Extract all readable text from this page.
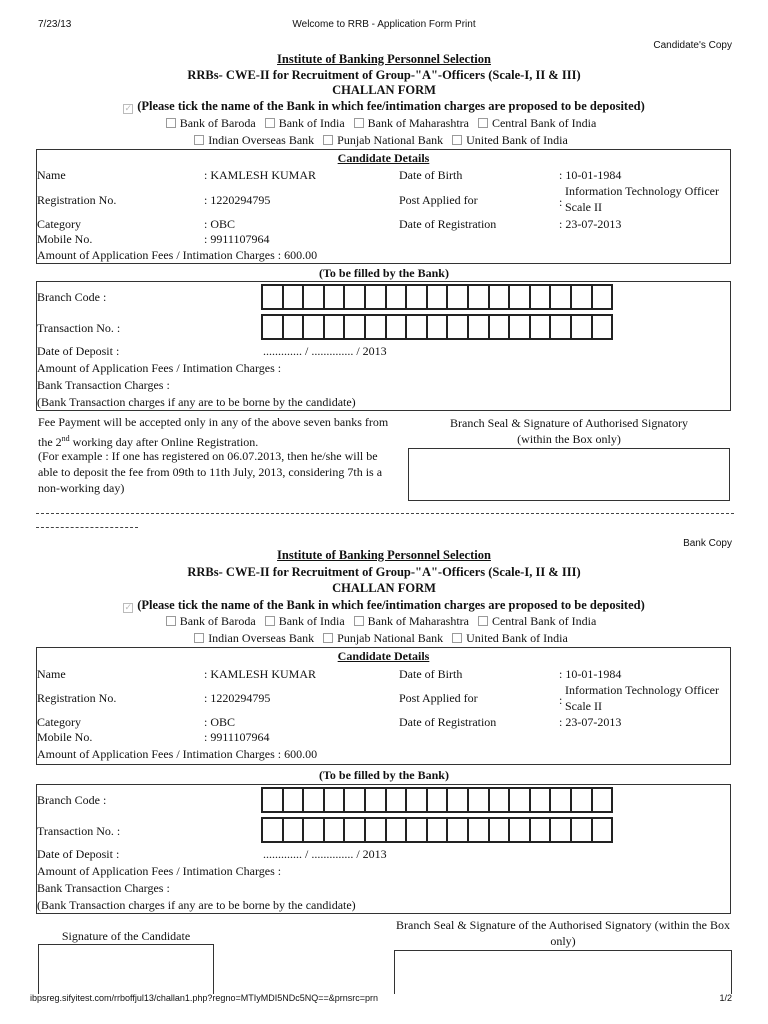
7/23/13	Welcome to RRB - Application Form Print
Candidate's Copy
Institute of Banking Personnel Selection
RRBs- CWE-II for Recruitment of Group-"A"-Officers (Scale-I, II & III)
CHALLAN FORM
✓ (Please tick the name of the Bank in which fee/intimation charges are proposed to be deposited)
Bank of Baroda Bank of India Bank of Maharashtra Central Bank of India
Indian Overseas Bank Punjab National Bank United Bank of India
Candidate Details
Name	: KAMLESH KUMAR	Date of Birth	: 10-01-1984
Registration No.	: 1220294795	Post Applied for	:
Information Technology Officer
Scale II
Category	: OBC	Date of Registration	: 23-07-2013
Mobile No.	: 9911107964
Amount of Application Fees / Intimation Charges : 600.00
(To be filled by the Bank)
Branch Code :
Transaction No. :
Date of Deposit :	............. / .............. / 2013
Amount of Application Fees / Intimation Charges :
Bank Transaction Charges :
(Bank Transaction charges if any are to be borne by the candidate)
Fee Payment will be accepted only in any of the above seven banks from
the 2nd working day after Online Registration.
(For example : If one has registered on 06.07.2013, then he/she will be
able to deposit the fee from 09th to 11th July, 2013, considering 7th is a
non-working day)
Branch Seal & Signature of Authorised Signatory
(within the Box only)
Bank Copy
Institute of Banking Personnel Selection
RRBs- CWE-II for Recruitment of Group-"A"-Officers (Scale-I, II & III)
CHALLAN FORM
✓ (Please tick the name of the Bank in which fee/intimation charges are proposed to be deposited)
Bank of Baroda Bank of India Bank of Maharashtra Central Bank of India
Indian Overseas Bank Punjab National Bank United Bank of India
Candidate Details
Name	: KAMLESH KUMAR	Date of Birth	: 10-01-1984
Registration No.	: 1220294795	Post Applied for	:
Information Technology Officer
Scale II
Category	: OBC	Date of Registration	: 23-07-2013
Mobile No.	: 9911107964
Amount of Application Fees / Intimation Charges : 600.00
(To be filled by the Bank)
Branch Code :
Transaction No. :
Date of Deposit :	............. / .............. / 2013
Amount of Application Fees / Intimation Charges :
Bank Transaction Charges :
(Bank Transaction charges if any are to be borne by the candidate)
Signature of the Candidate
Branch Seal & Signature of the Authorised Signatory (within the Box
only)
ibpsreg.sifyitest.com/rrboffjul13/challan1.php?regno=MTIyMDI5NDc5NQ==&prnsrc=prn	1/2
